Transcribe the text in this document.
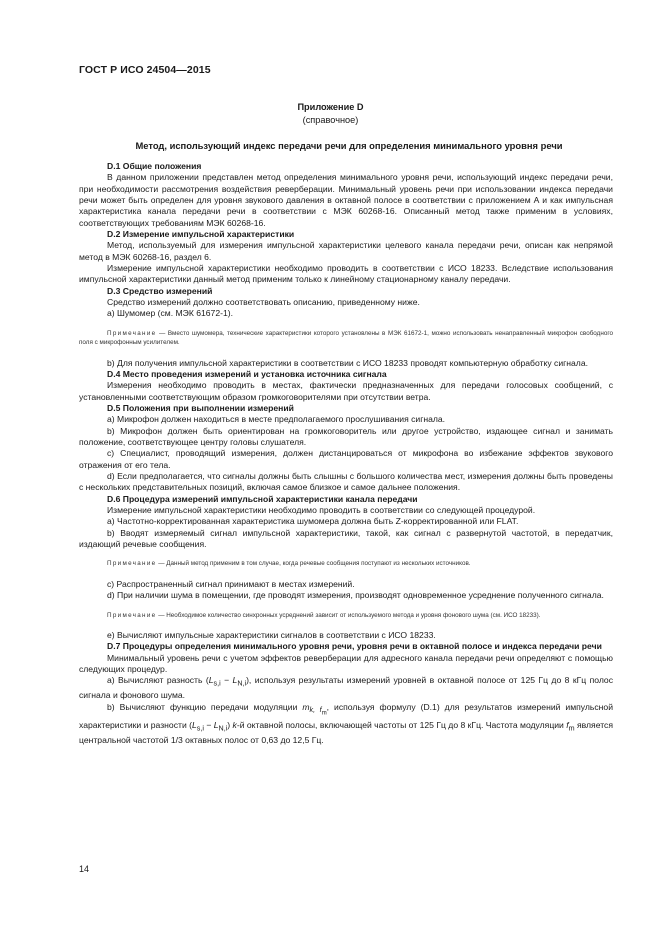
ГОСТ Р ИСО 24504—2015
Приложение D
(справочное)
Метод, использующий индекс передачи речи для определения минимального уровня речи

D.1 Общие положения

В данном приложении представлен метод определения минимального уровня речи, использующий индекс передачи речи, при необходимости рассмотрения воздействия реверберации. Минимальный уровень речи при использовании индекса передачи речи может быть определен для уровня звукового давления в октавной полосе в соответствии с приложением А и как импульсная характеристика канала передачи речи в соответствии с МЭК 60268-16. Описанный метод также применим в условиях, соответствующих требованиям МЭК 60268-16.

D.2 Измерение импульсной характеристики

Метод, используемый для измерения импульсной характеристики целевого канала передачи речи, описан как непрямой метод в МЭК 60268-16, раздел 6.

Измерение импульсной характеристики необходимо проводить в соответствии с ИСО 18233. Вследствие использования импульсной характеристики данный метод применим только к линейному стационарному каналу передачи.

D.3 Средство измерений

Средство измерений должно соответствовать описанию, приведенному ниже.

а) Шумомер (см. МЭК 61672-1).

Примечание — Вместо шумомера, технические характеристики которого установлены в МЭК 61672-1, можно использовать ненаправленный микрофон свободного поля с микрофонным усилителем.

b) Для получения импульсной характеристики в соответствии с ИСО 18233 проводят компьютерную обработку сигнала.

D.4 Место проведения измерений и установка источника сигнала

Измерения необходимо проводить в местах, фактически предназначенных для передачи голосовых сообщений, с установленными соответствующим образом громкоговорителями при отсутствии ветра.

D.5 Положения при выполнении измерений

а) Микрофон должен находиться в месте предполагаемого прослушивания сигнала.

b) Микрофон должен быть ориентирован на громкоговоритель или другое устройство, издающее сигнал и занимать положение, соответствующее центру головы слушателя.

c) Специалист, проводящий измерения, должен дистанцироваться от микрофона во избежание эффектов звукового отражения от его тела.

d) Если предполагается, что сигналы должны быть слышны с большого количества мест, измерения должны быть проведены с нескольких представительных позиций, включая самое близкое и самое дальнее положения.

D.6 Процедура измерений импульсной характеристики канала передачи

Измерение импульсной характеристики необходимо проводить в соответствии со следующей процедурой.

а) Частотно-корректированная характеристика шумомера должна быть Z-корректированной или FLAT.

b) Вводят измеряемый сигнал импульсной характеристики, такой, как сигнал с развернутой частотой, в передатчик, издающий речевые сообщения.

Примечание — Данный метод применим в том случае, когда речевые сообщения поступают из нескольких источников.

c) Распространенный сигнал принимают в местах измерений.

d) При наличии шума в помещении, где проводят измерения, производят одновременное усреднение полученного сигнала.

Примечание — Необходимое количество синхронных усреднений зависит от используемого метода и уровня фонового шума (см. ИСО 18233).

e) Вычисляют импульсные характеристики сигналов в соответствии с ИСО 18233.

D.7 Процедуры определения минимального уровня речи, уровня речи в октавной полосе и индекса передачи речи

Минимальный уровень речи с учетом эффектов реверберации для адресного канала передачи речи определяют с помощью следующих процедур.

а) Вычисляют разность $(L_{s,i} - L_{N,i})$, используя результаты измерений уровней в октавной полосе от 125 Гц до 8 кГц полос сигнала и фонового шума.

b) Вычисляют функцию передачи модуляции $m_{k, f_m}$, используя формулу (D.1) для результатов измерений импульсной характеристики и разности $(L_{s,i} - L_{N,i})$ k-й октавной полосы, включающей частоты от 125 Гц до 8 кГц. Частота модуляции $f_m$ является центральной частотой 1/3 октавных полос от 0,63 до 12,5 Гц.

14
